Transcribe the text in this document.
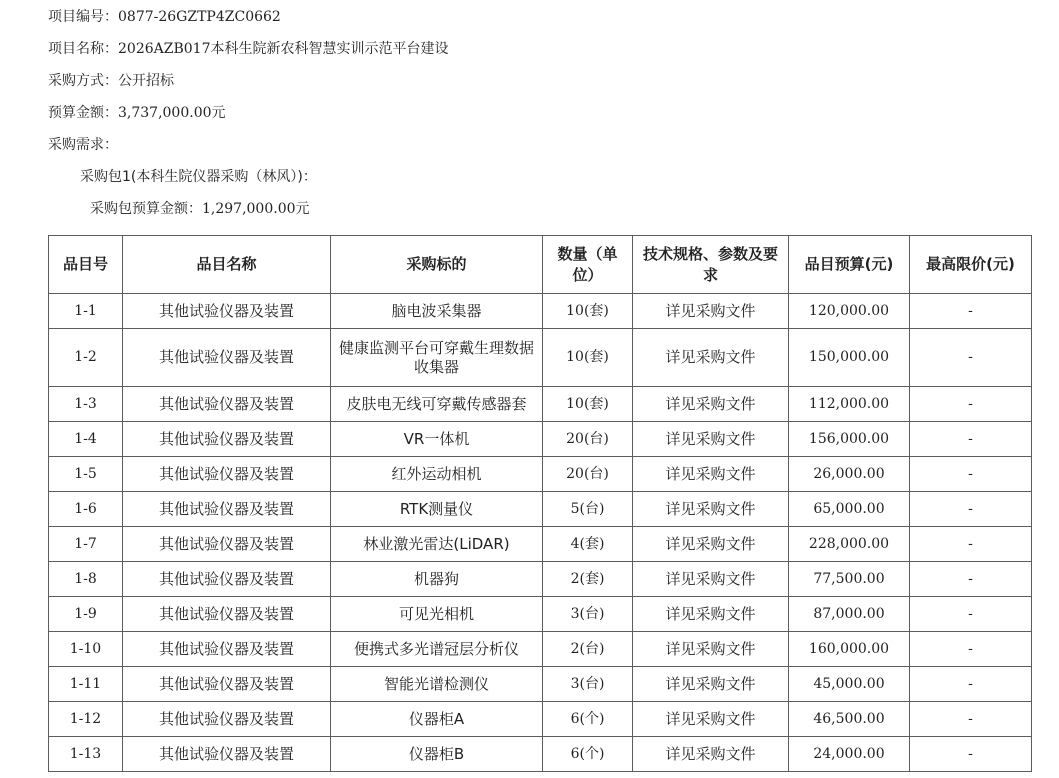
项目编号：0877-26GZTP4ZC0662
项目名称：2026AZB017本科生院新农科智慧实训示范平台建设
采购方式：公开招标
预算金额：3,737,000.00元
采购需求：
采购包1(本科生院仪器采购（林风）)：
采购包预算金额：1,297,000.00元
品目号	品目名称	采购标的	数量（单位）	技术规格、参数及要求	品目预算(元)	最高限价(元)
1-1	其他试验仪器及装置	脑电波采集器	10(套)	详见采购文件	120,000.00	-
1-2	其他试验仪器及装置	健康监测平台可穿戴生理数据收集器	10(套)	详见采购文件	150,000.00	-
1-3	其他试验仪器及装置	皮肤电无线可穿戴传感器套	10(套)	详见采购文件	112,000.00	-
1-4	其他试验仪器及装置	VR一体机	20(台)	详见采购文件	156,000.00	-
1-5	其他试验仪器及装置	红外运动相机	20(台)	详见采购文件	26,000.00	-
1-6	其他试验仪器及装置	RTK测量仪	5(台)	详见采购文件	65,000.00	-
1-7	其他试验仪器及装置	林业激光雷达(LiDAR)	4(套)	详见采购文件	228,000.00	-
1-8	其他试验仪器及装置	机器狗	2(套)	详见采购文件	77,500.00	-
1-9	其他试验仪器及装置	可见光相机	3(台)	详见采购文件	87,000.00	-
1-10	其他试验仪器及装置	便携式多光谱冠层分析仪	2(台)	详见采购文件	160,000.00	-
1-11	其他试验仪器及装置	智能光谱检测仪	3(台)	详见采购文件	45,000.00	-
1-12	其他试验仪器及装置	仪器柜A	6(个)	详见采购文件	46,500.00	-
1-13	其他试验仪器及装置	仪器柜B	6(个)	详见采购文件	24,000.00	-
